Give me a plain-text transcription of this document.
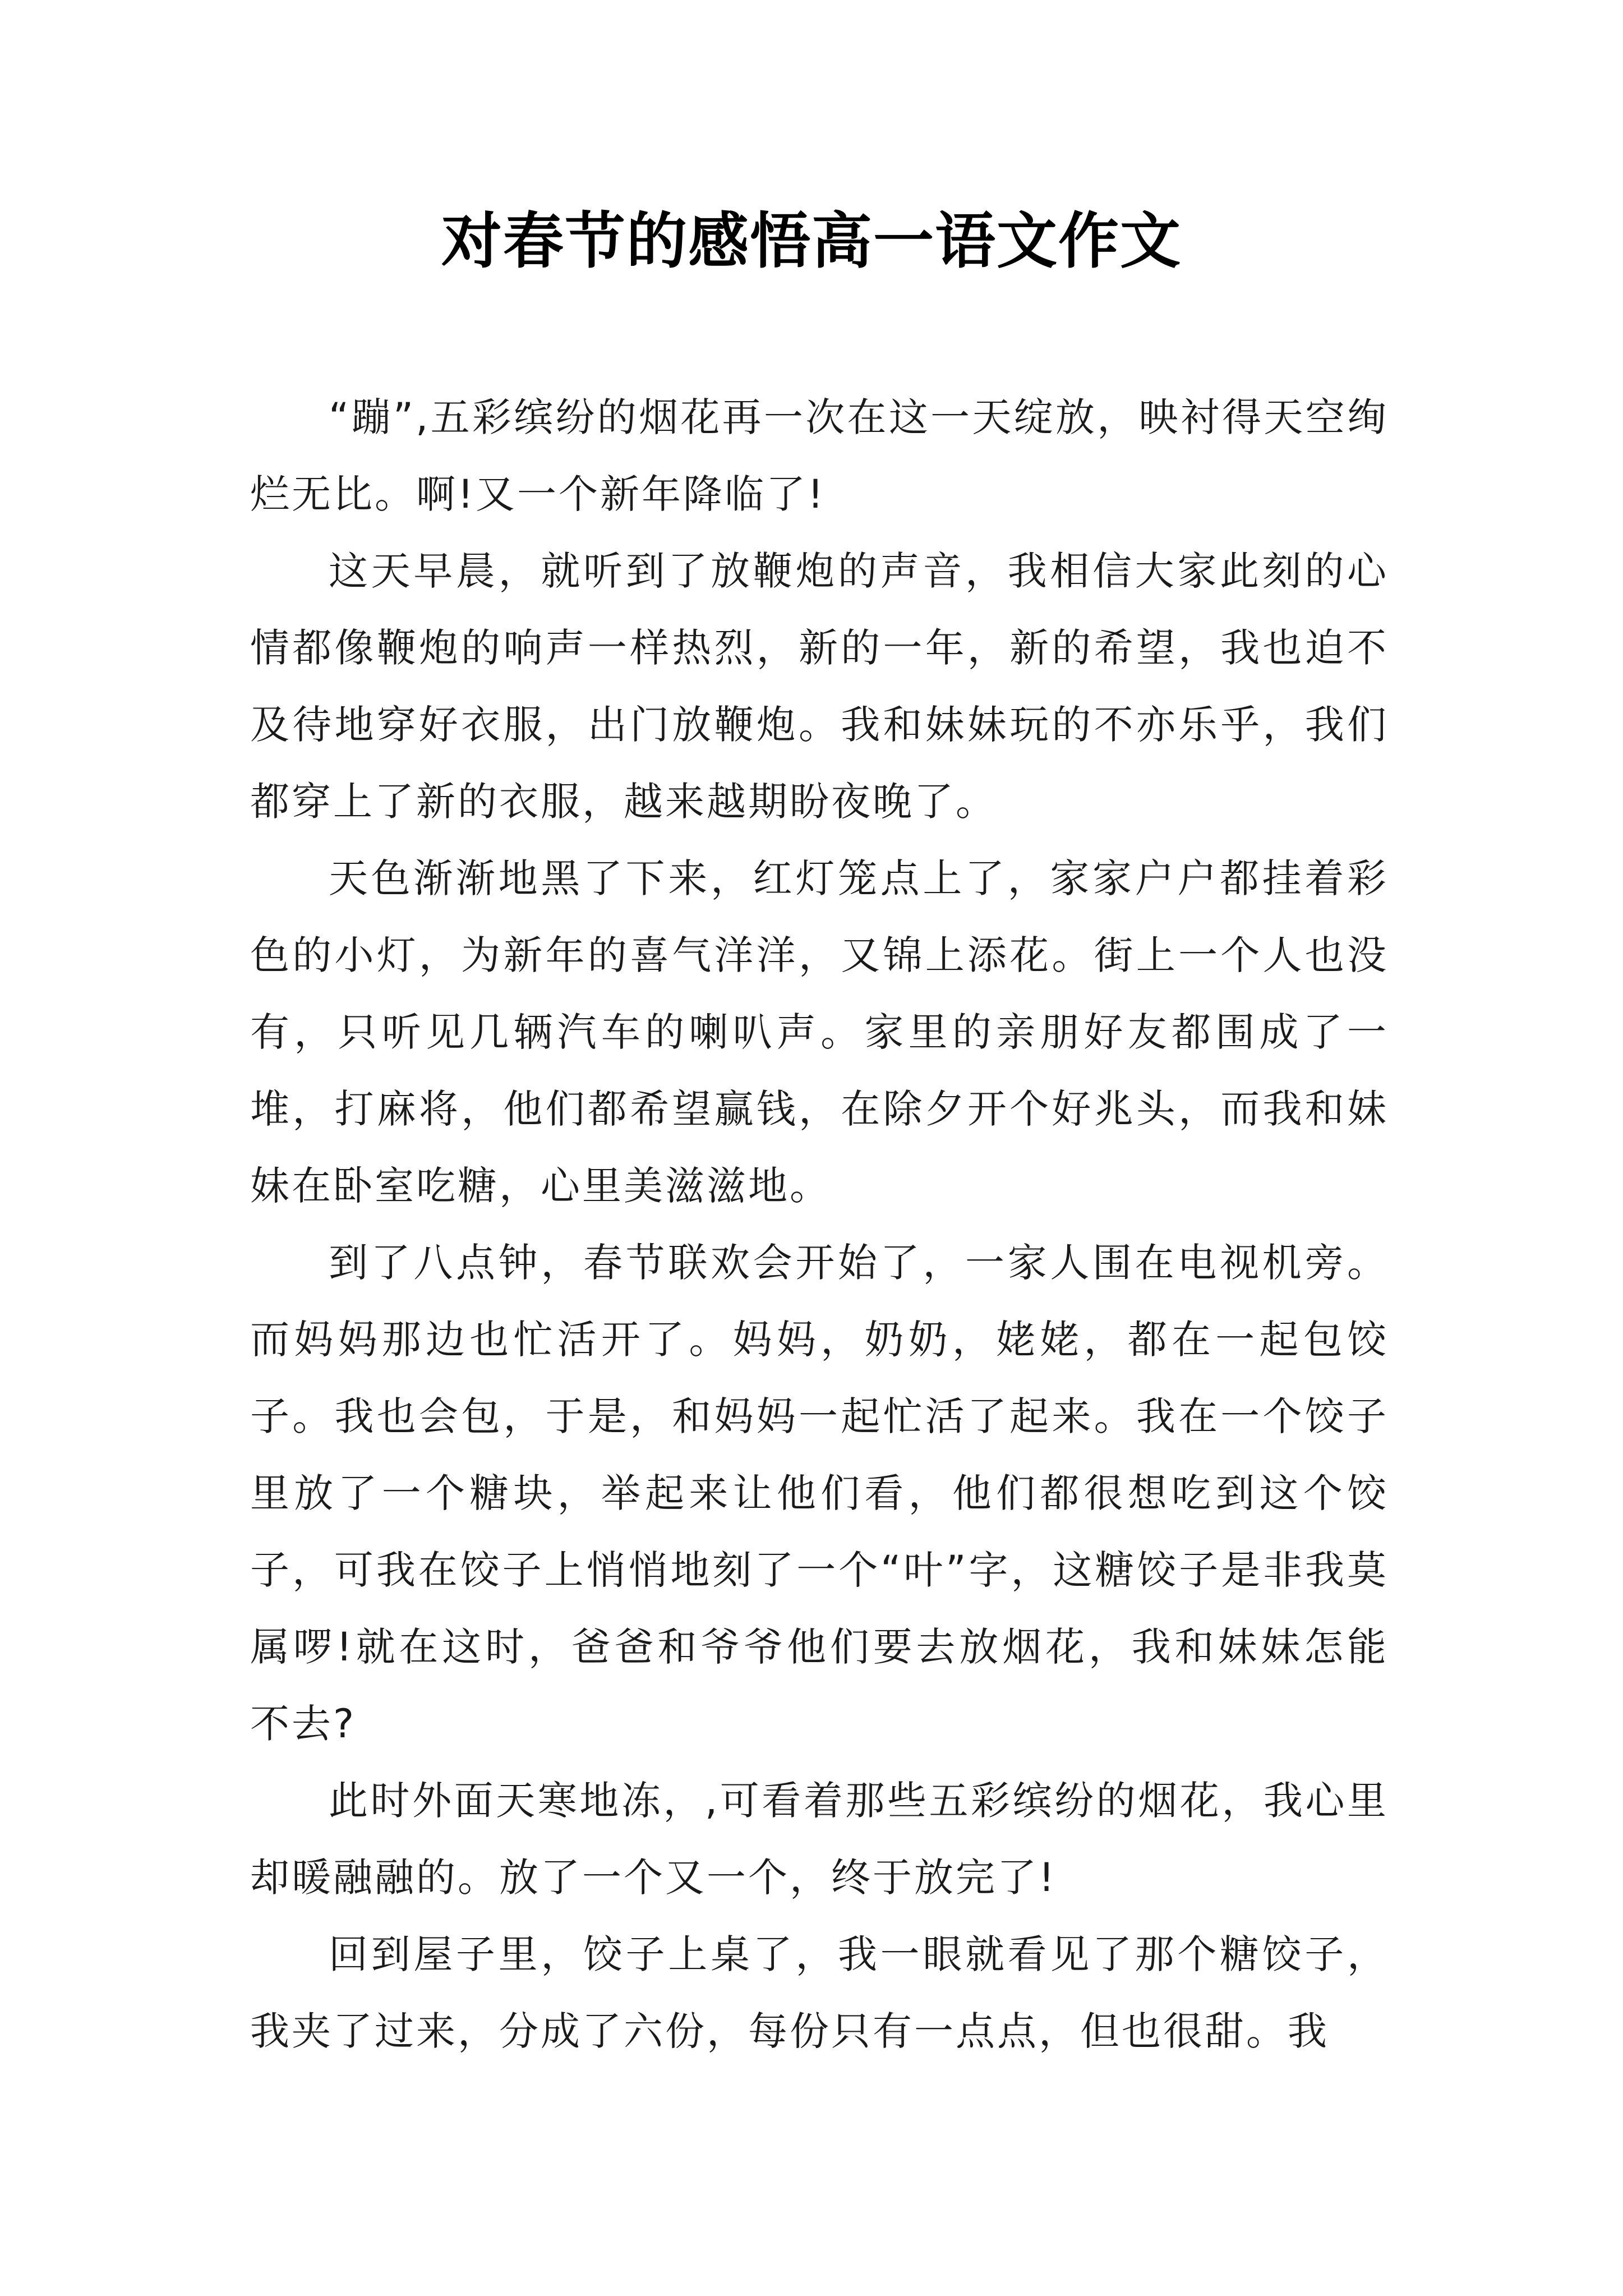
对春节的感悟高一语文作文

“蹦”,五彩缤纷的烟花再一次在这一天绽放，映衬得天空绚烂无比。啊!又一个新年降临了!

这天早晨，就听到了放鞭炮的声音，我相信大家此刻的心情都像鞭炮的响声一样热烈，新的一年，新的希望，我也迫不及待地穿好衣服，出门放鞭炮。我和妹妹玩的不亦乐乎，我们都穿上了新的衣服，越来越期盼夜晚了。

天色渐渐地黑了下来，红灯笼点上了，家家户户都挂着彩色的小灯，为新年的喜气洋洋，又锦上添花。街上一个人也没有，只听见几辆汽车的喇叭声。家里的亲朋好友都围成了一堆，打麻将，他们都希望赢钱，在除夕开个好兆头，而我和妹妹在卧室吃糖，心里美滋滋地。

到了八点钟，春节联欢会开始了，一家人围在电视机旁。而妈妈那边也忙活开了。妈妈，奶奶，姥姥，都在一起包饺子。我也会包，于是，和妈妈一起忙活了起来。我在一个饺子里放了一个糖块，举起来让他们看，他们都很想吃到这个饺子，可我在饺子上悄悄地刻了一个“叶”字，这糖饺子是非我莫属啰!就在这时，爸爸和爷爷他们要去放烟花，我和妹妹怎能不去?

此时外面天寒地冻，,可看着那些五彩缤纷的烟花，我心里却暖融融的。放了一个又一个，终于放完了!

回到屋子里，饺子上桌了，我一眼就看见了那个糖饺子，我夹了过来，分成了六份，每份只有一点点，但也很甜。我
